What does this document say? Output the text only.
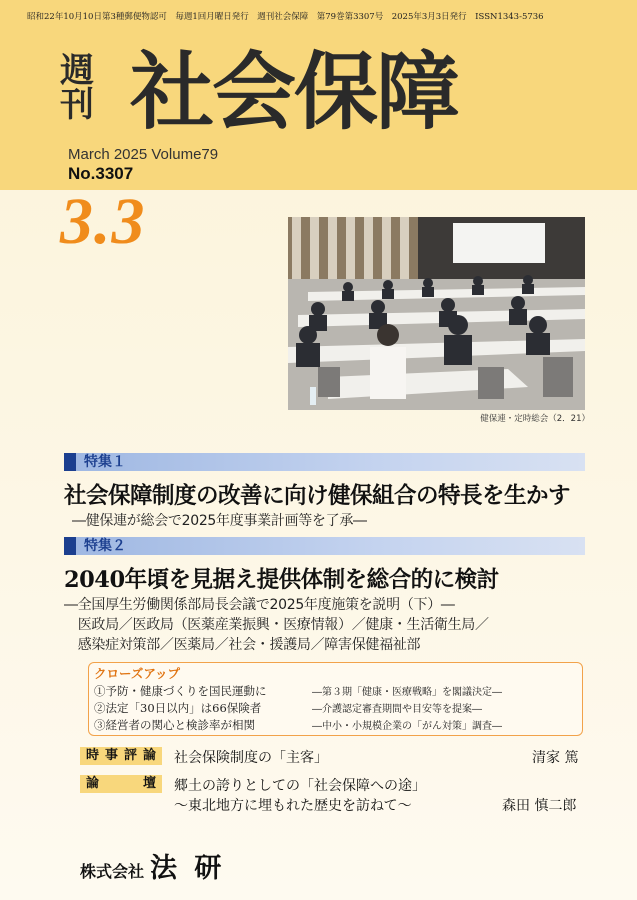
昭和22年10月10日第3種郵便物認可　毎週1回月曜日発行　週刊社会保障　第79巻第3307号　2025年3月3日発行　ISSN1343-5736
週
刊 社会保障
March 2025 Volume79
No.3307
3.3
健保連・定時総会（2．21）
特集１
社会保障制度の改善に向け健保組合の特長を生かす
―健保連が総会で2025年度事業計画等を了承―
特集２
2040年頃を見据え提供体制を総合的に検討
―全国厚生労働関係部局長会議で2025年度施策を説明（下）―
　医政局／医政局（医薬産業振興・医療情報）／健康・生活衛生局／
　感染症対策部／医薬局／社会・援護局／障害保健福祉部
クローズアップ
①予防・健康づくりを国民運動に	―第３期「健康・医療戦略」を閣議決定―
②法定「30日以内」は66保険者	―介護認定審査期間や目安等を提案―
③経営者の関心と検診率が相関	―中小・小規模企業の「がん対策」調査―
時事評論	社会保険制度の「主客」	清家 篤
論　壇	郷土の誇りとしての「社会保障への途」
～東北地方に埋もれた歴史を訪ねて～	森田 慎二郎
株式会社 法 研
